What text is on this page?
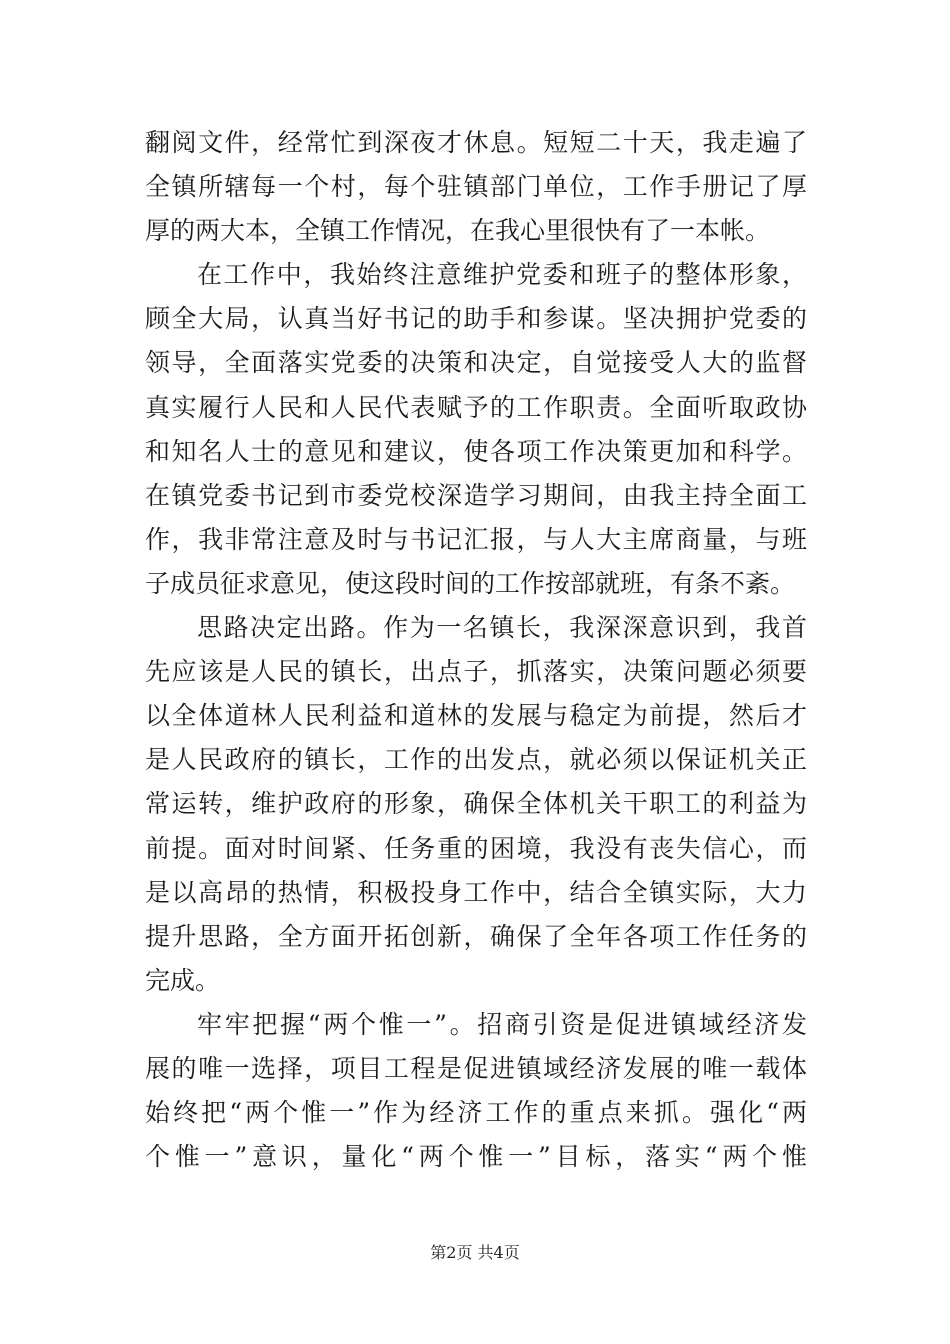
翻阅文件，经常忙到深夜才休息。短短二十天，我走遍了
全镇所辖每一个村，每个驻镇部门单位，工作手册记了厚
厚的两大本，全镇工作情况，在我心里很快有了一本帐。
在工作中，我始终注意维护党委和班子的整体形象，
顾全大局，认真当好书记的助手和参谋。坚决拥护党委的
领导，全面落实党委的决策和决定，自觉接受人大的监督
真实履行人民和人民代表赋予的工作职责。全面听取政协
和知名人士的意见和建议，使各项工作决策更加和科学。
在镇党委书记到市委党校深造学习期间，由我主持全面工
作，我非常注意及时与书记汇报，与人大主席商量，与班
子成员征求意见，使这段时间的工作按部就班，有条不紊。
思路决定出路。作为一名镇长，我深深意识到，我首
先应该是人民的镇长，出点子，抓落实，决策问题必须要
以全体道林人民利益和道林的发展与稳定为前提，然后才
是人民政府的镇长，工作的出发点，就必须以保证机关正
常运转，维护政府的形象，确保全体机关干职工的利益为
前提。面对时间紧、任务重的困境，我没有丧失信心，而
是以高昂的热情，积极投身工作中，结合全镇实际，大力
提升思路，全方面开拓创新，确保了全年各项工作任务的
完成。
牢牢把握“两个惟一”。招商引资是促进镇域经济发
展的唯一选择，项目工程是促进镇域经济发展的唯一载体
始终把“两个惟一”作为经济工作的重点来抓。强化“两
个惟一”意识，量化“两个惟一”目标，落实“两个惟
第2页 共4页
